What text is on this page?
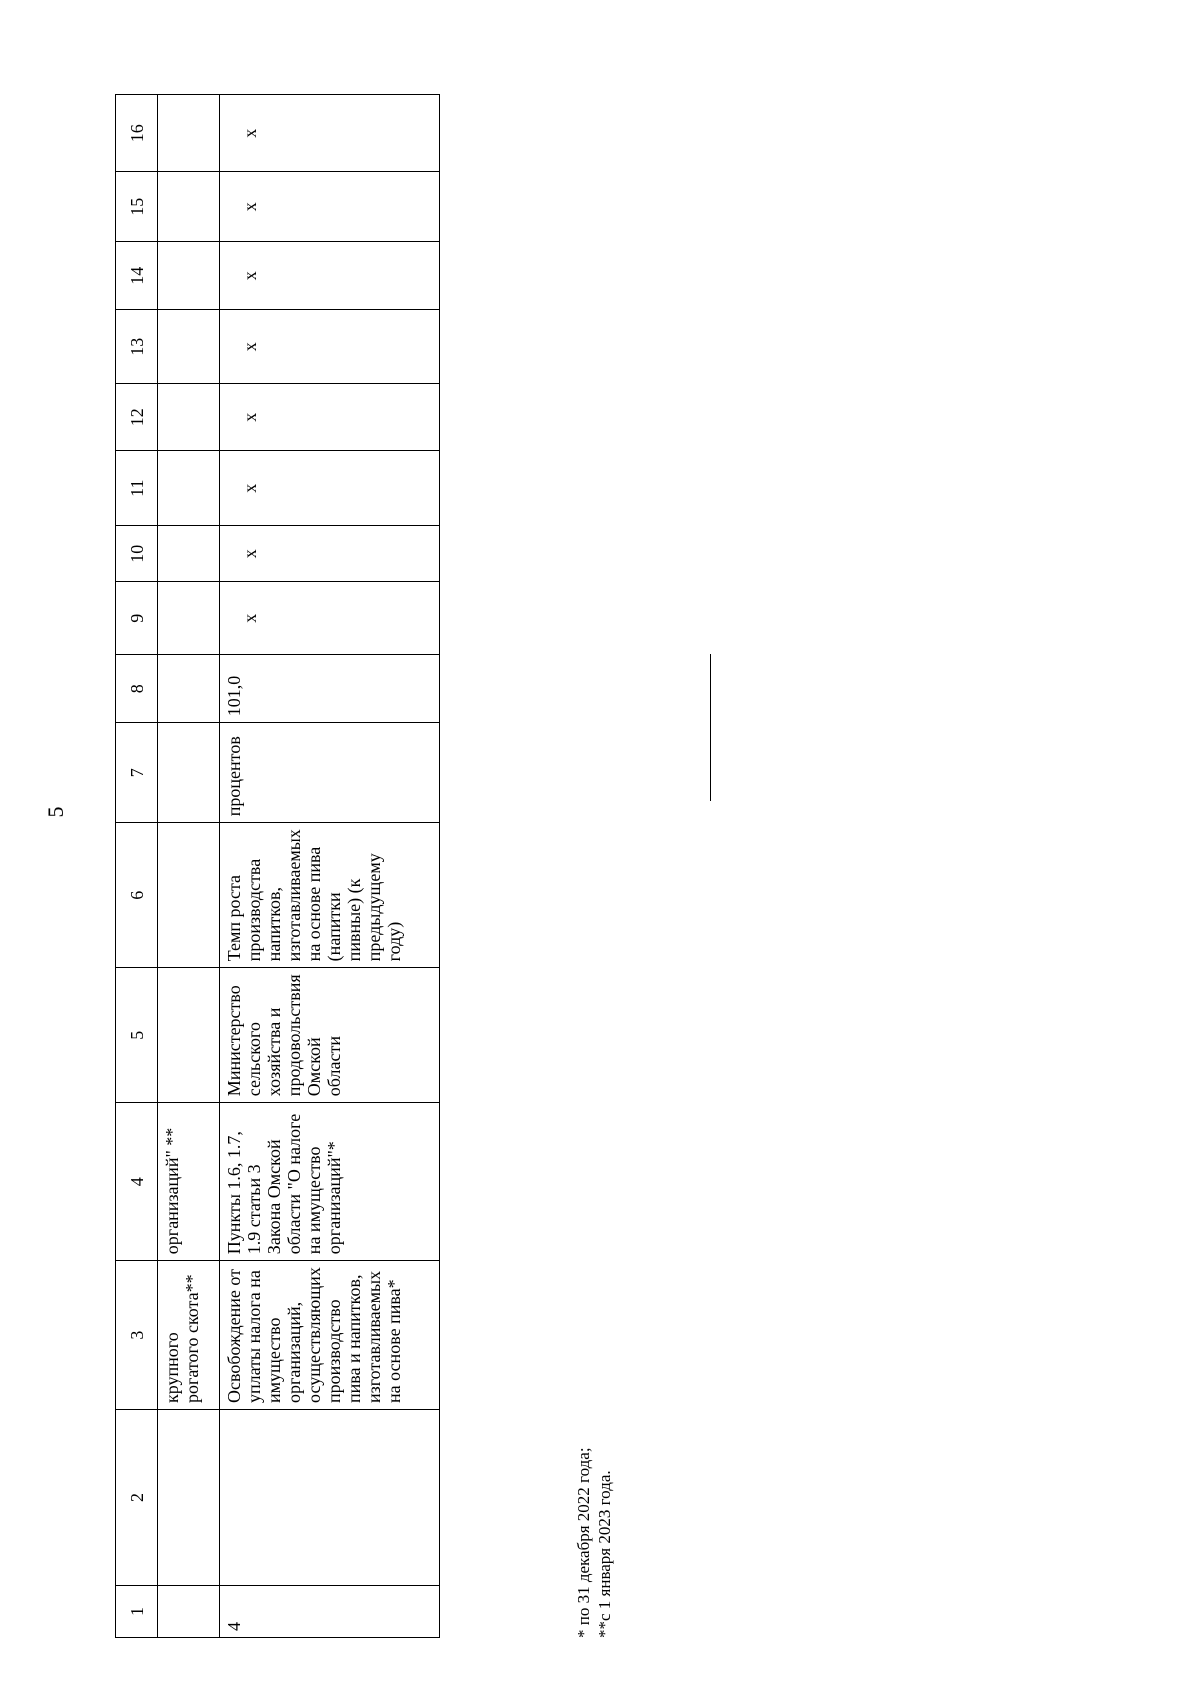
5
1	2	3	4	5	6	7	8	9	10	11	12	13	14	15	16
		крупного рогатого скота**	организаций" **												
4		Освобождение от уплаты налога на имущество организаций, осуществляющих производство пива и напитков, изготавливаемых на основе пива*	Пункты 1.6, 1.7, 1.9 статьи 3 Закона Омской области "О налоге на имущество организаций"*	Министерство сельского хозяйства и продовольствия Омской области	Темп роста производства напитков, изготавливаемых на основе пива (напитки пивные) (к предыдущему году)	процентов	101,0	х	х	х	х	х	х	х	х
* по 31 декабря 2022 года; **с 1 января 2023 года.
